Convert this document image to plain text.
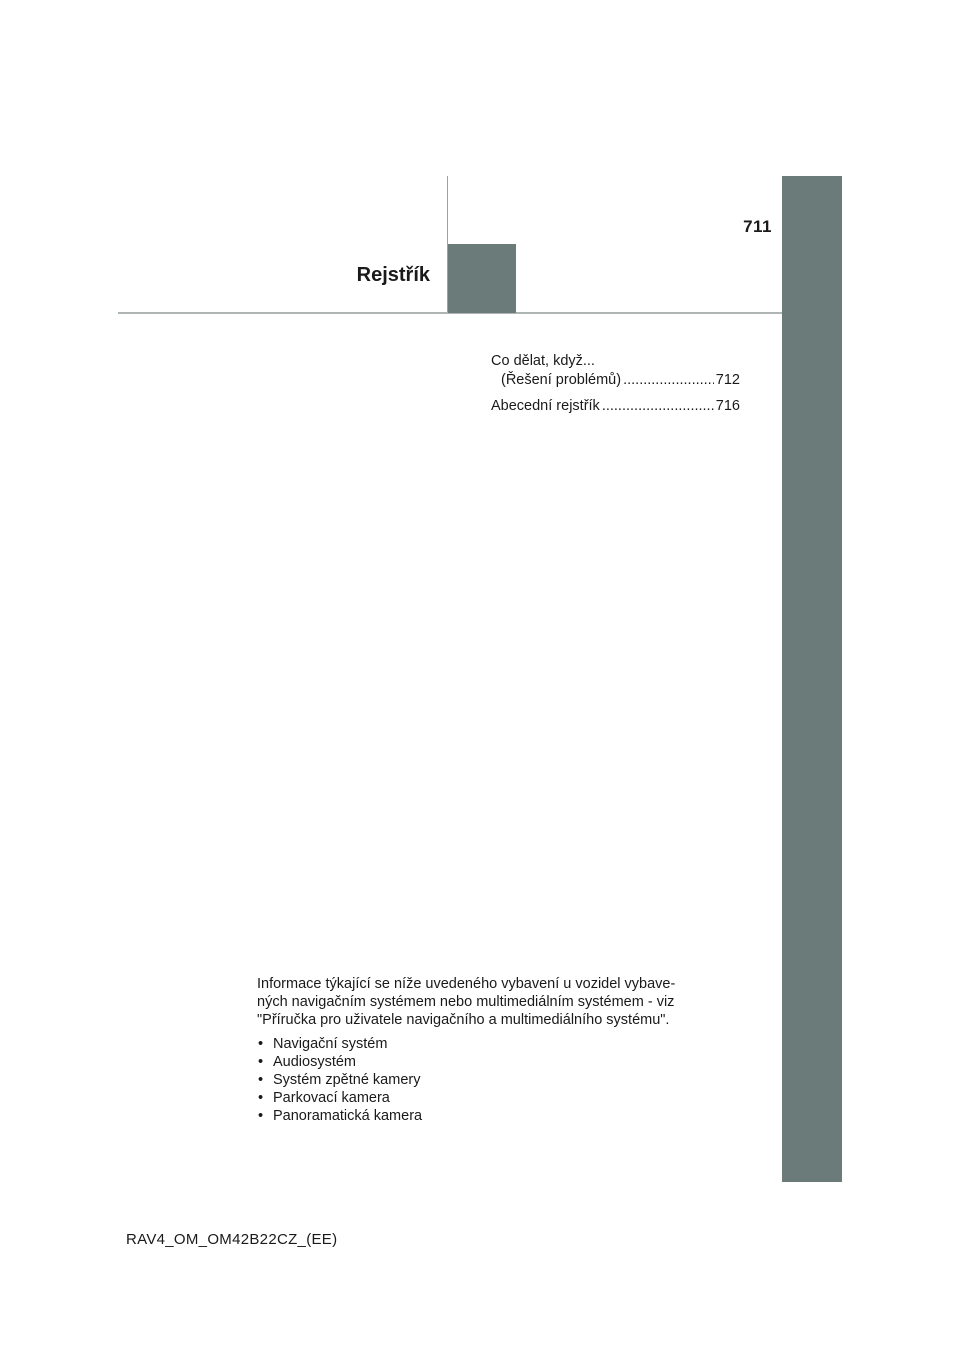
711
Rejstřík
Co dělat, když...
(Řešení problémů) .....	712
Abecední rejstřík .....	716

Informace týkající se níže uvedeného vybavení u vozidel vybave-
ných navigačním systémem nebo multimediálním systémem - viz
"Příručka pro uživatele navigačního a multimediálního systému".

• Navigační systém
• Audiosystém
• Systém zpětné kamery
• Parkovací kamera
• Panoramatická kamera
RAV4_OM_OM42B22CZ_(EE)
